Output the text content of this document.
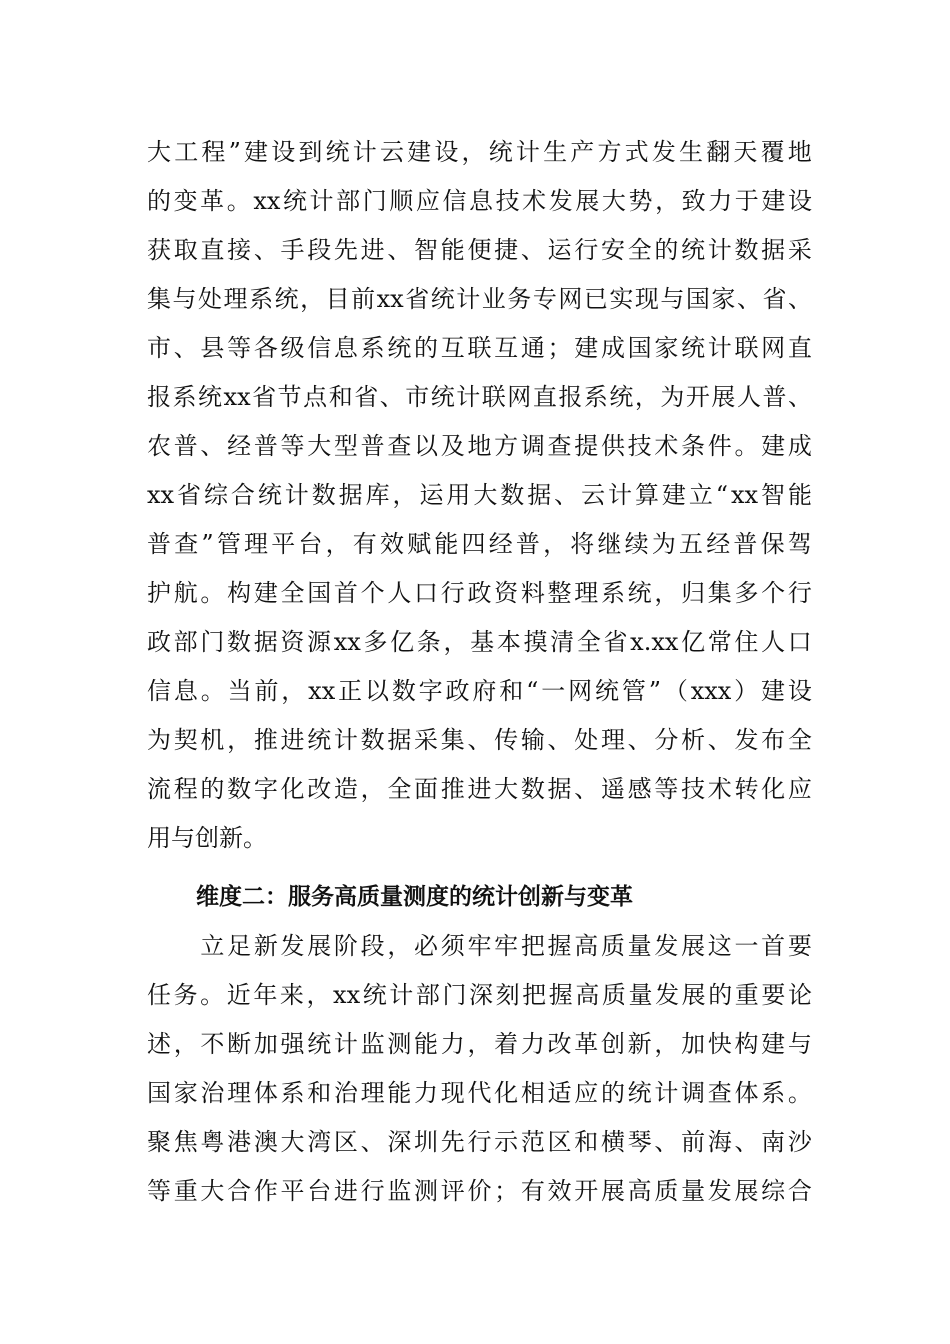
大 工 程 ” 建 设 到 统 计 云 建 设 ， 统 计 生 产 方 式 发 生 翻 天 覆 地
的 变 革 。 xx 统 计 部 门 顺 应 信 息 技 术 发 展 大 势 ， 致 力 于 建 设
获 取 直 接 、 手 段 先 进 、 智 能 便 捷 、 运 行 安 全 的 统 计 数 据 采
集 与 处 理 系 统 ， 目 前 xx 省 统 计 业 务 专 网 已 实 现 与 国 家 、 省 、
市 、 县 等 各 级 信 息 系 统 的 互 联 互 通 ； 建 成 国 家 统 计 联 网 直
报 系 统 xx 省 节 点 和 省 、 市 统 计 联 网 直 报 系 统 ， 为 开 展 人 普 、
农 普 、 经 普 等 大 型 普 查 以 及 地 方 调 查 提 供 技 术 条 件 。 建 成
xx 省 综 合 统 计 数 据 库 ， 运 用 大 数 据 、 云 计 算 建 立 “ xx 智 能
普 查 ” 管 理 平 台 ， 有 效 赋 能 四 经 普 ， 将 继 续 为 五 经 普 保 驾
护 航 。 构 建 全 国 首 个 人 口 行 政 资 料 整 理 系 统 ， 归 集 多 个 行
政 部 门 数 据 资 源 xx 多 亿 条 ， 基 本 摸 清 全 省 x.xx 亿 常 住 人 口
信 息 。 当 前 ， xx 正 以 数 字 政 府 和 “ 一 网 统 管 ” （ xxx ） 建 设
为 契 机 ， 推 进 统 计 数 据 采 集 、 传 输 、 处 理 、 分 析 、 发 布 全
流 程 的 数 字 化 改 造 ， 全 面 推 进 大 数 据 、 遥 感 等 技 术 转 化 应
用与创新。
维度二：服务高质量测度的统计创新与变革

立 足 新 发 展 阶 段 ， 必 须 牢 牢 把 握 高 质 量 发 展 这 一 首 要
任 务 。 近 年 来 ， xx 统 计 部 门 深 刻 把 握 高 质 量 发 展 的 重 要 论
述 ， 不 断 加 强 统 计 监 测 能 力 ， 着 力 改 革 创 新 ， 加 快 构 建 与
国 家 治 理 体 系 和 治 理 能 力 现 代 化 相 适 应 的 统 计 调 查 体 系 。
聚 焦 粤 港 澳 大 湾 区 、 深 圳 先 行 示 范 区 和 横 琴 、 前 海 、 南 沙
等 重 大 合 作 平 台 进 行 监 测 评 价 ； 有 效 开 展 高 质 量 发 展 综 合
